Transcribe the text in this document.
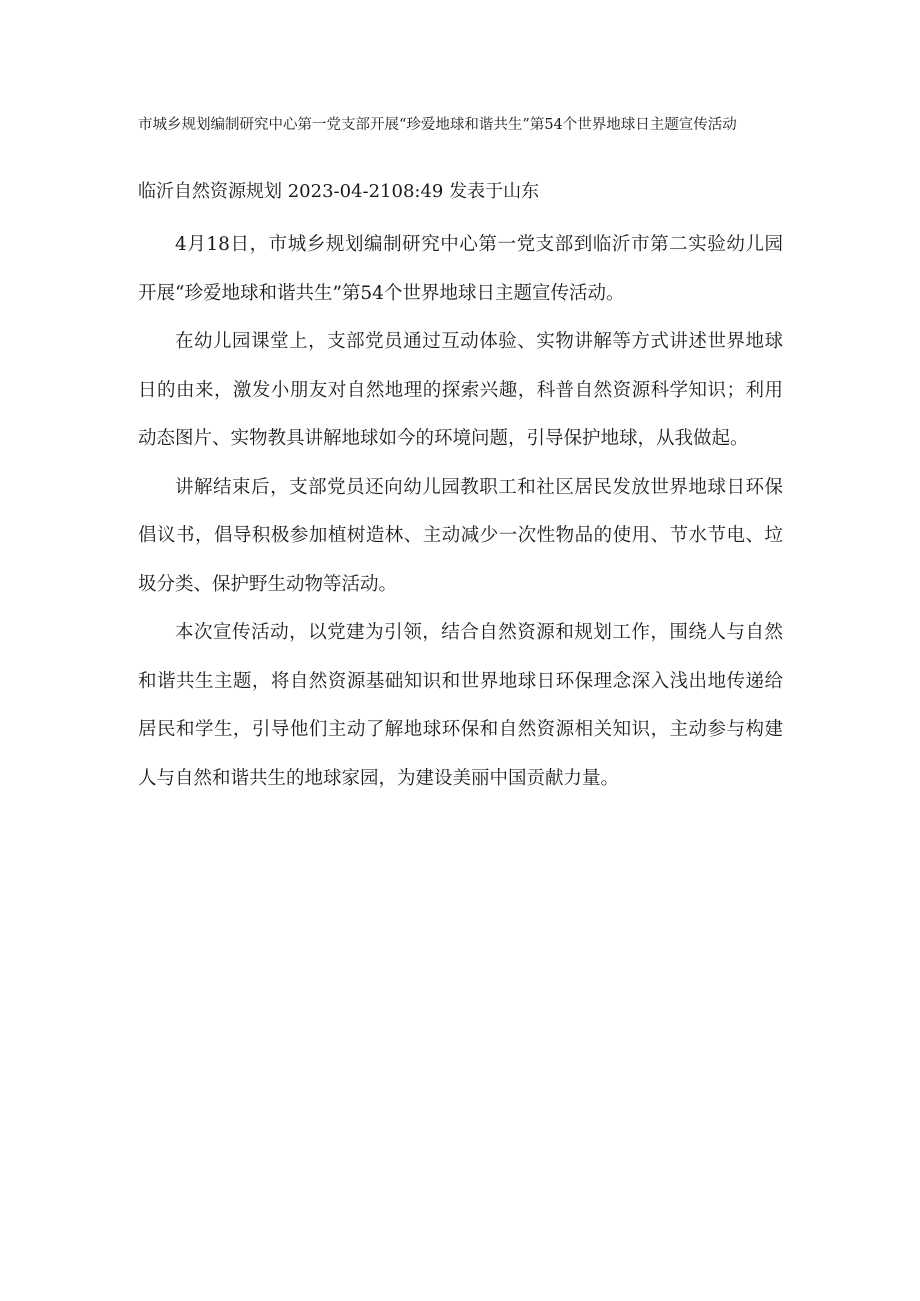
市城乡规划编制研究中心第一党支部开展“珍爱地球和谐共生”第54个世界地球日主题宣传活动
临沂自然资源规划 2023-04-2108:49 发表于山东

4月18日，市城乡规划编制研究中心第一党支部到临沂市第二实验幼儿园开展“珍爱地球和谐共生”第54个世界地球日主题宣传活动。

在幼儿园课堂上，支部党员通过互动体验、实物讲解等方式讲述世界地球日的由来，激发小朋友对自然地理的探索兴趣，科普自然资源科学知识；利用动态图片、实物教具讲解地球如今的环境问题，引导保护地球，从我做起。

讲解结束后，支部党员还向幼儿园教职工和社区居民发放世界地球日环保倡议书，倡导积极参加植树造林、主动减少一次性物品的使用、节水节电、垃圾分类、保护野生动物等活动。

本次宣传活动，以党建为引领，结合自然资源和规划工作，围绕人与自然和谐共生主题，将自然资源基础知识和世界地球日环保理念深入浅出地传递给居民和学生，引导他们主动了解地球环保和自然资源相关知识，主动参与构建人与自然和谐共生的地球家园，为建设美丽中国贡献力量。
